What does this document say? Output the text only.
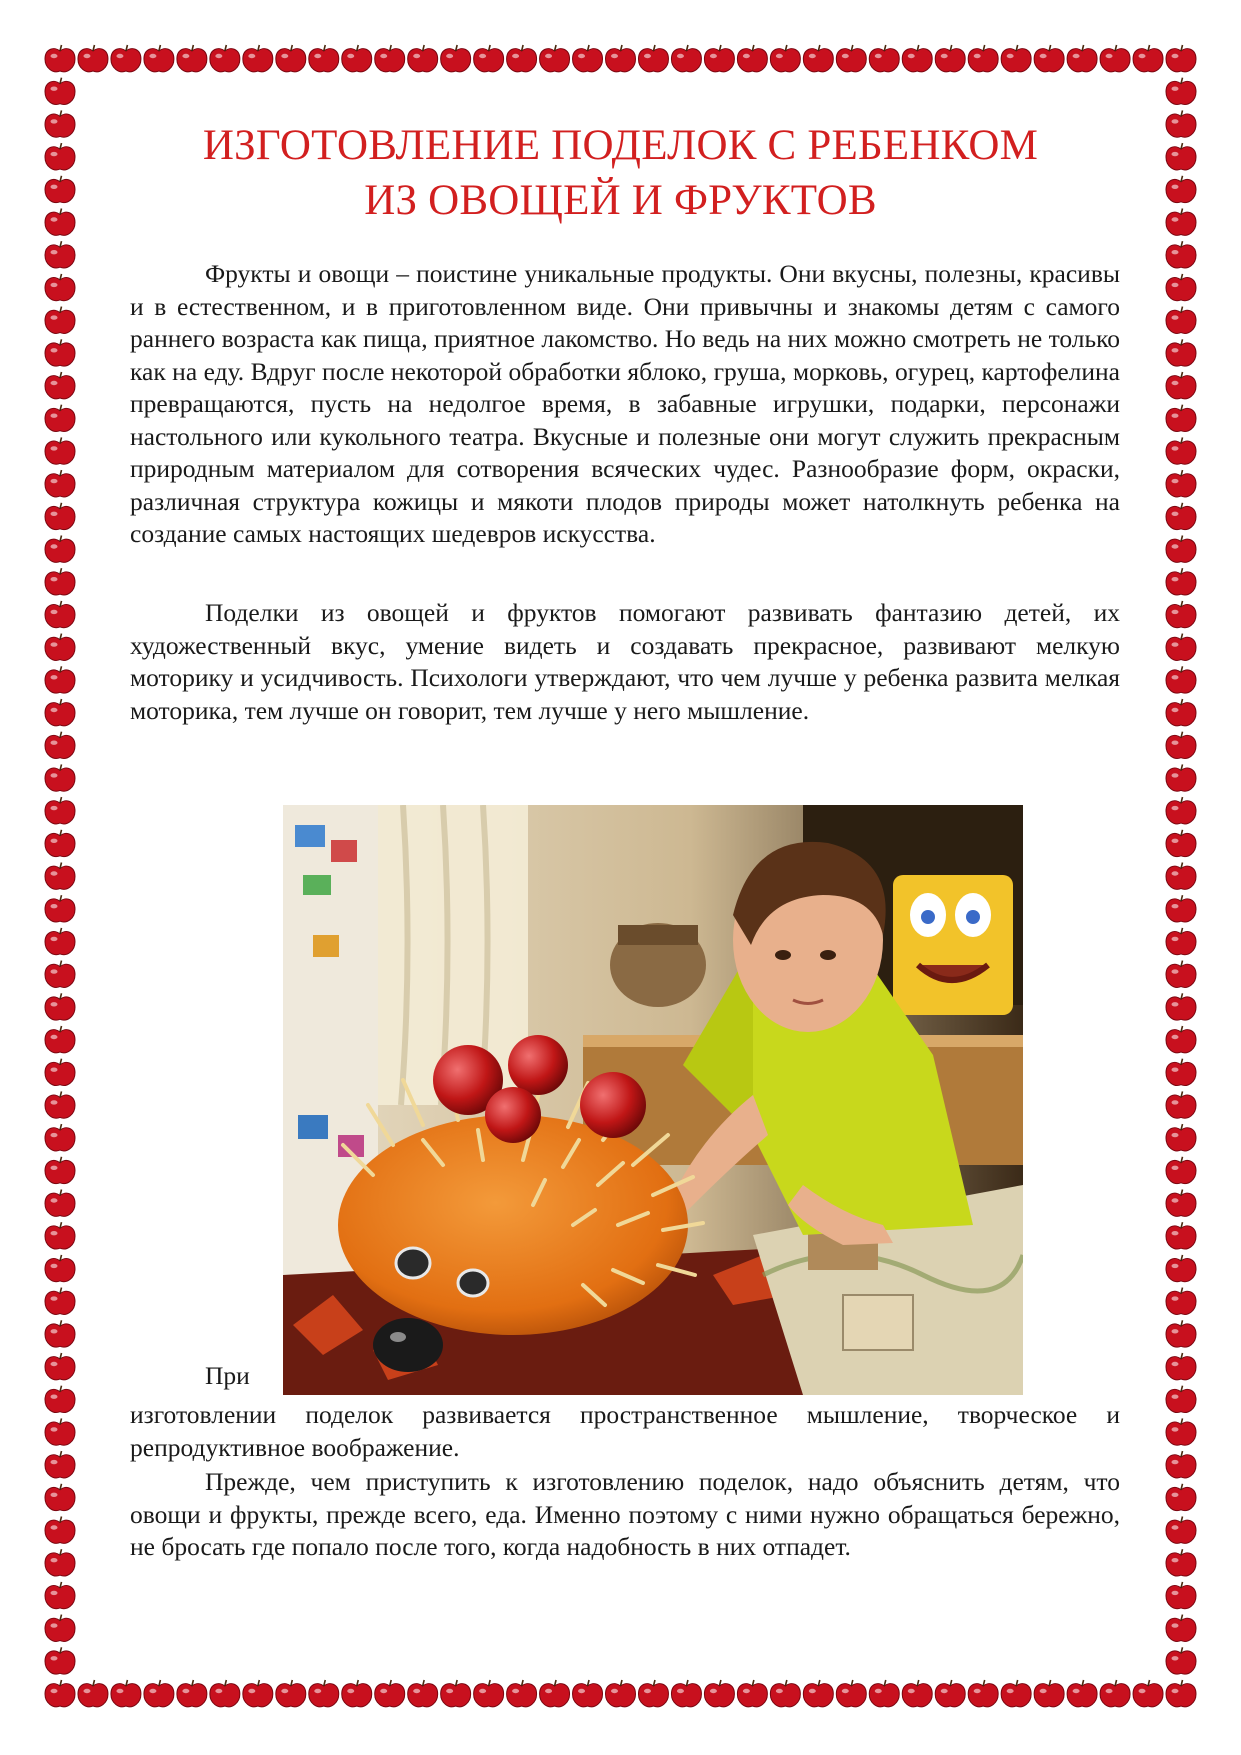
ИЗГОТОВЛЕНИЕ ПОДЕЛОК С РЕБЕНКОМ
ИЗ ОВОЩЕЙ И ФРУКТОВ

Фрукты и овощи – поистине уникальные продукты. Они вкусны, полезны, красивы и в естественном, и в приготовленном виде. Они привычны и знакомы детям с самого раннего возраста как пища, приятное лакомство. Но ведь на них можно смотреть не только как на еду. Вдруг после некоторой обработки яблоко, груша, морковь, огурец, картофелина превращаются, пусть на недолгое время, в забавные игрушки, подарки, персонажи настольного или кукольного театра. Вкусные и полезные они могут служить прекрасным природным материалом для сотворения всяческих чудес. Разнообразие форм, окраски, различная структура кожицы и мякоти плодов природы может натолкнуть ребенка на создание самых настоящих шедевров искусства.

Поделки из овощей и фруктов помогают развивать фантазию детей, их художественный вкус, умение видеть и создавать прекрасное, развивают мелкую моторику и усидчивость. Психологи утверждают, что чем лучше у ребенка развита мелкая моторика, тем лучше он говорит, тем лучше у него мышление.

При

изготовлении поделок развивается пространственное мышление, творческое и репродуктивное воображение.

Прежде, чем приступить к изготовлению поделок, надо объяснить детям, что овощи и фрукты, прежде всего, еда. Именно поэтому с ними нужно обращаться бережно, не бросать где попало после того, когда надобность в них отпадет.
